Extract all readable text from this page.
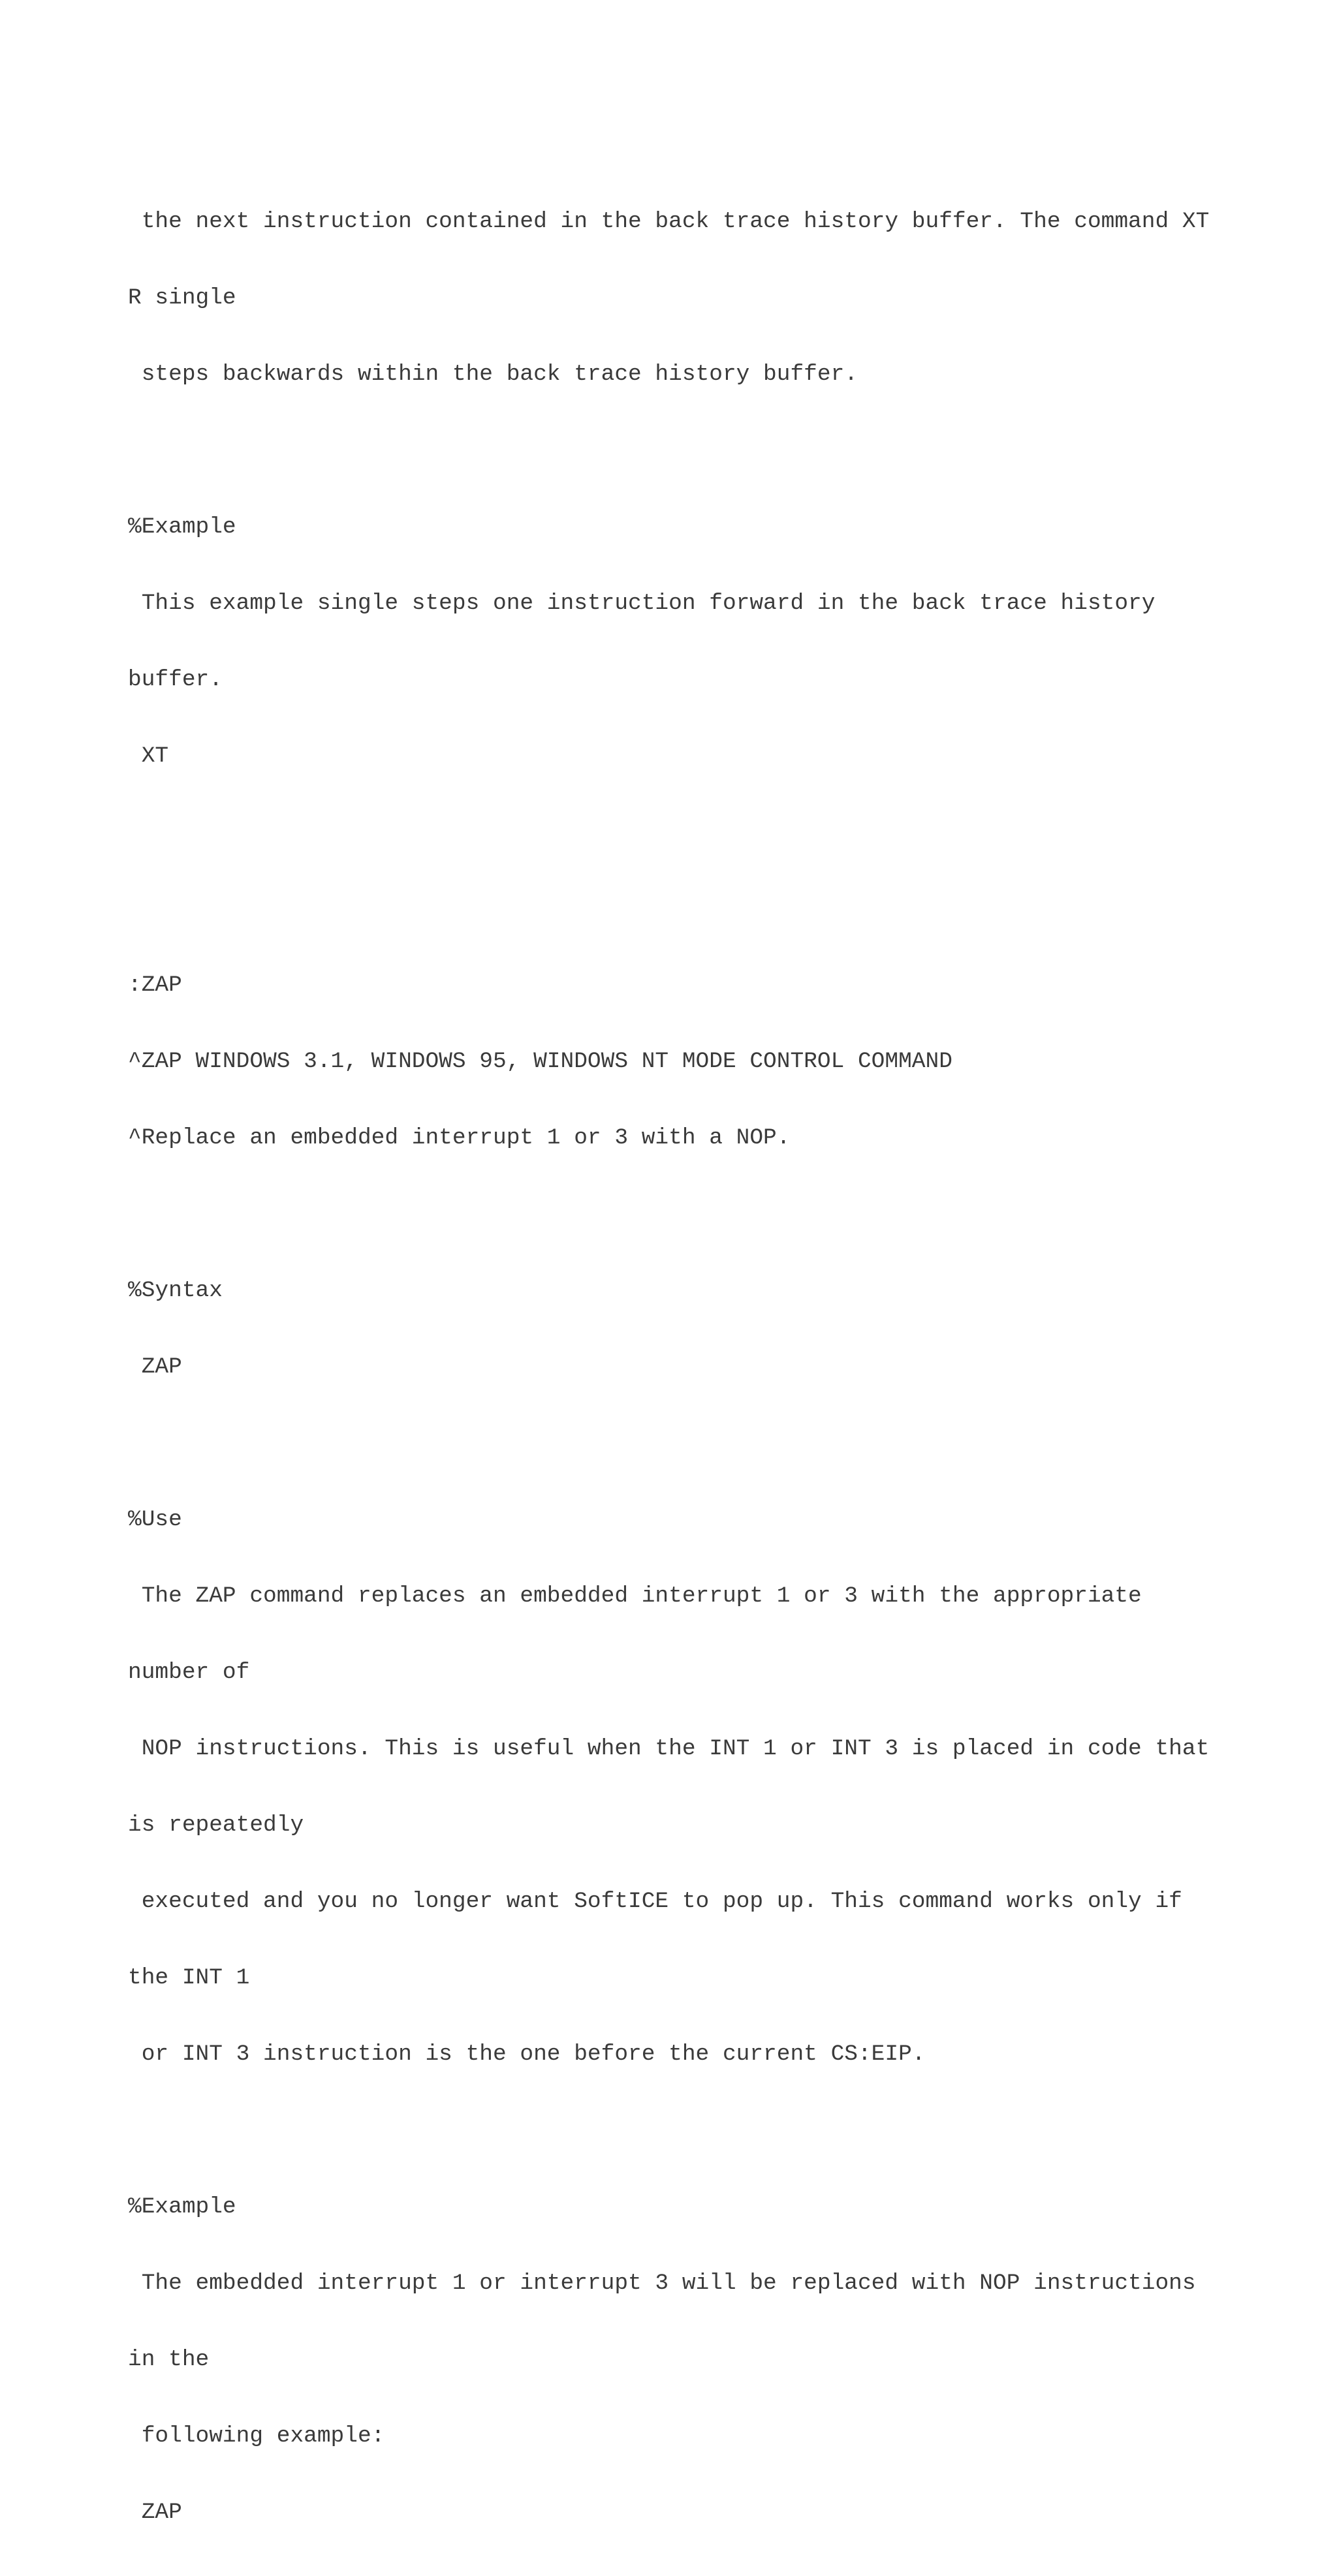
the next instruction contained in the back trace history buffer. The command XT

R single

steps backwards within the back trace history buffer.

%Example

This example single steps one instruction forward in the back trace history

buffer.

XT

:ZAP

^ZAP WINDOWS 3.1, WINDOWS 95, WINDOWS NT MODE CONTROL COMMAND

^Replace an embedded interrupt 1 or 3 with a NOP.

%Syntax

ZAP

%Use

The ZAP command replaces an embedded interrupt 1 or 3 with the appropriate

number of

NOP instructions. This is useful when the INT 1 or INT 3 is placed in code that

is repeatedly

executed and you no longer want SoftICE to pop up. This command works only if

the INT 1

or INT 3 instruction is the one before the current CS:EIP.

%Example

The embedded interrupt 1 or interrupt 3 will be replaced with NOP instructions

in the

following example:

ZAP
